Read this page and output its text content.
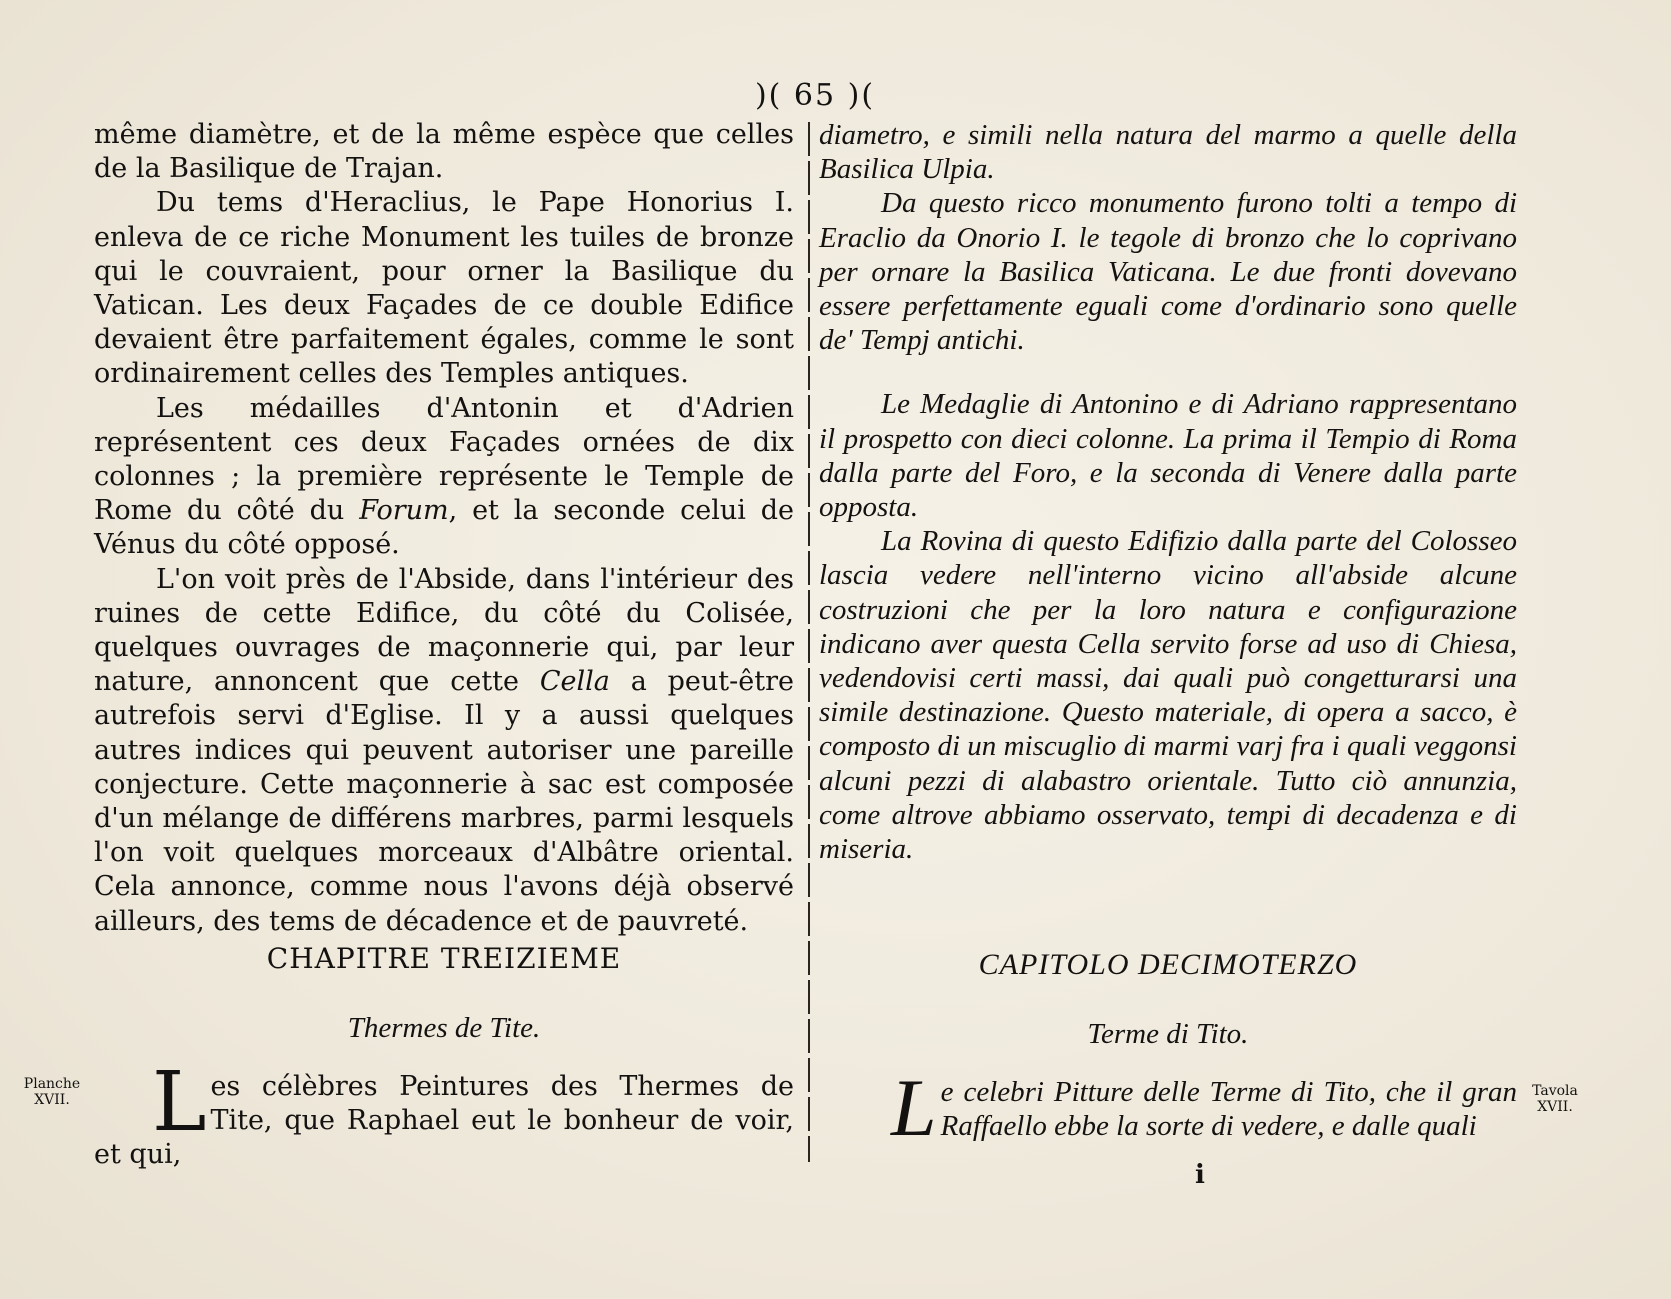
)( 65 )(

même diamètre, et de la même espèce que celles de la Basilique de Trajan.

Du tems d'Heraclius, le Pape Honorius I. enleva de ce riche Monument les tuiles de bronze qui le couvraient, pour orner la Basilique du Vatican. Les deux Façades de ce double Edifice devaient être parfaitement égales, comme le sont ordinairement celles des Temples antiques.

Les médailles d'Antonin et d'Adrien représentent ces deux Façades ornées de dix colonnes ; la première représente le Temple de Rome du côté du Forum, et la seconde celui de Vénus du côté opposé.

L'on voit près de l'Abside, dans l'intérieur des ruines de cette Edifice, du côté du Colisée, quelques ouvrages de maçonnerie qui, par leur nature, annoncent que cette Cella a peut-être autrefois servi d'Eglise. Il y a aussi quelques autres indices qui peuvent autoriser une pareille conjecture. Cette maçonnerie à sac est composée d'un mélange de différens marbres, parmi lesquels l'on voit quelques morceaux d'Albâtre oriental. Cela annonce, comme nous l'avons déjà observé ailleurs, des tems de décadence et de pauvreté.

diametro, e simili nella natura del marmo a quelle della Basilica Ulpia.

Da questo ricco monumento furono tolti a tempo di Eraclio da Onorio I. le tegole di bronzo che lo coprivano per ornare la Basilica Vaticana. Le due fronti dovevano essere perfettamente eguali come d'ordinario sono quelle de' Tempj antichi.

Le Medaglie di Antonino e di Adriano rappresentano il prospetto con dieci colonne. La prima il Tempio di Roma dalla parte del Foro, e la seconda di Venere dalla parte opposta.

La Rovina di questo Edifizio dalla parte del Colosseo lascia vedere nell'interno vicino all'abside alcune costruzioni che per la loro natura e configurazione indicano aver questa Cella servito forse ad uso di Chiesa, vedendovisi certi massi, dai quali può congetturarsi una simile destinazione. Questo materiale, di opera a sacco, è composto di un miscuglio di marmi varj fra i quali veggonsi alcuni pezzi di alabastro orientale. Tutto ciò annunzia, come altrove abbiamo osservato, tempi di decadenza e di miseria.

CHAPITRE TREIZIEME
Thermes de Tite.
CAPITOLO DECIMOTERZO
Terme di Tito.
Les célèbres Peintures des Thermes de Tite, que Raphael eut le bonheur de voir, et qui,
Le celebri Pitture delle Terme di Tito, che il gran Raffaello ebbe la sorte di vedere, e dalle quali
Planche XVII.
Tavola XVII.
i
